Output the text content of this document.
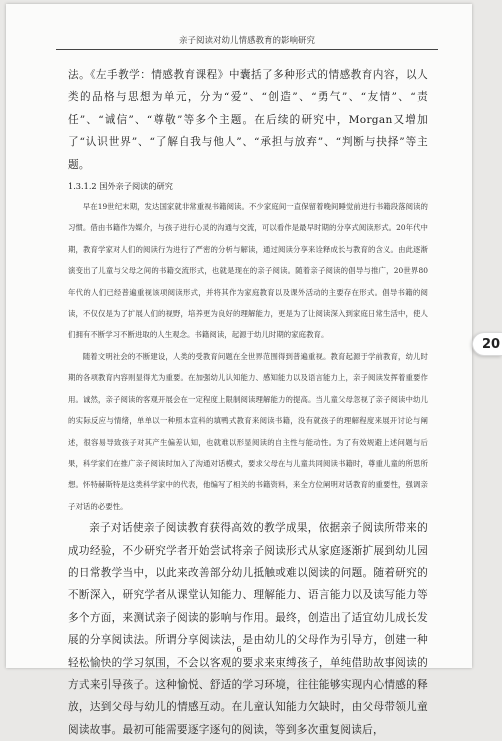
亲子阅读对幼儿情感教育的影响研究

法。《左手教学：情感教育课程》中囊括了多种形式的情感教育内容，以人类的品格与思想为单元，分为“爱”、“创造”、“勇气”、“友情”、“责任”、“诚信”、“尊敬”等多个主题。在后续的研究中，Morgan又增加了“认识世界”、“了解自我与他人”、“承担与放弃”、“判断与抉择”等主题。

1.3.1.2 国外亲子阅读的研究

早在19世纪末期，发达国家就非常重视书籍阅读。不少家庭间一直保留着晚间睡觉前进行书籍段落阅读的习惯。借由书籍作为媒介，与孩子进行心灵的沟通与交流，可以看作是最早时期的分享式阅读形式。20年代中期，教育学家对人们的阅读行为进行了严密的分析与解读，通过阅读分享来诠释成长与教育的含义。由此逐渐演变出了儿童与父母之间的书籍交流形式，也就是现在的亲子阅读。随着亲子阅读的倡导与推广，20世界80年代的人们已经普遍重视该项阅读形式，并将其作为家庭教育以及课外活动的主要存在形式。倡导书籍的阅读，不仅仅是为了扩展人们的视野，培养更为良好的理解能力，更是为了让阅读深入到家庭日常生活中，使人们拥有不断学习不断进取的人生观念。书籍阅读，起源于幼儿时期的家庭教育。

随着文明社会的不断建设，人类的受教育问题在全世界范围得到普遍重视。教育起源于学前教育，幼儿时期的各项教育内容则显得尤为重要。在加强幼儿认知能力、感知能力以及语言能力上，亲子阅读发挥着重要作用。诚然，亲子阅读的客观开展会在一定程度上限制阅读理解能力的提高。当儿童父母忽视了亲子阅读中幼儿的实际反应与情绪，单单以一种照本宣科的填鸭式教育来阅读书籍，没有就孩子的理解程度来展开讨论与阐述，很容易导致孩子对其产生偏差认知，也就难以形显阅读的自主性与能动性。为了有效规避上述问题与后果，科学家们在推广亲子阅读时加入了沟通对话模式，要求父母在与儿童共同阅读书籍时，尊重儿童的所思所想。怀特赫斯特是这类科学家中的代表，他编写了相关的书籍资料，来全方位阐明对话教育的重要性，强调亲子对话的必要性。

亲子对话使亲子阅读教育获得高效的教学成果，依据亲子阅读所带来的成功经验，不少研究学者开始尝试将亲子阅读形式从家庭逐渐扩展到幼儿园的日常教学当中，以此来改善部分幼儿抵触或难以阅读的问题。随着研究的不断深入，研究学者从课堂认知能力、理解能力、语言能力以及读写能力等多个方面，来测试亲子阅读的影响与作用。最终，创造出了适宜幼儿成长发展的分享阅读法。所谓分享阅读法，是由幼儿的父母作为引导方，创建一种轻松愉快的学习氛围，不会以客观的要求来束缚孩子，单纯借助故事阅读的方式来引导孩子。这种愉悦、舒适的学习环境，往往能够实现内心情感的释放，达到父母与幼儿的情感互动。在儿童认知能力欠缺时，由父母带领儿童阅读故事。最初可能需要逐字逐句的阅读，等到多次重复阅读后，

6
20
